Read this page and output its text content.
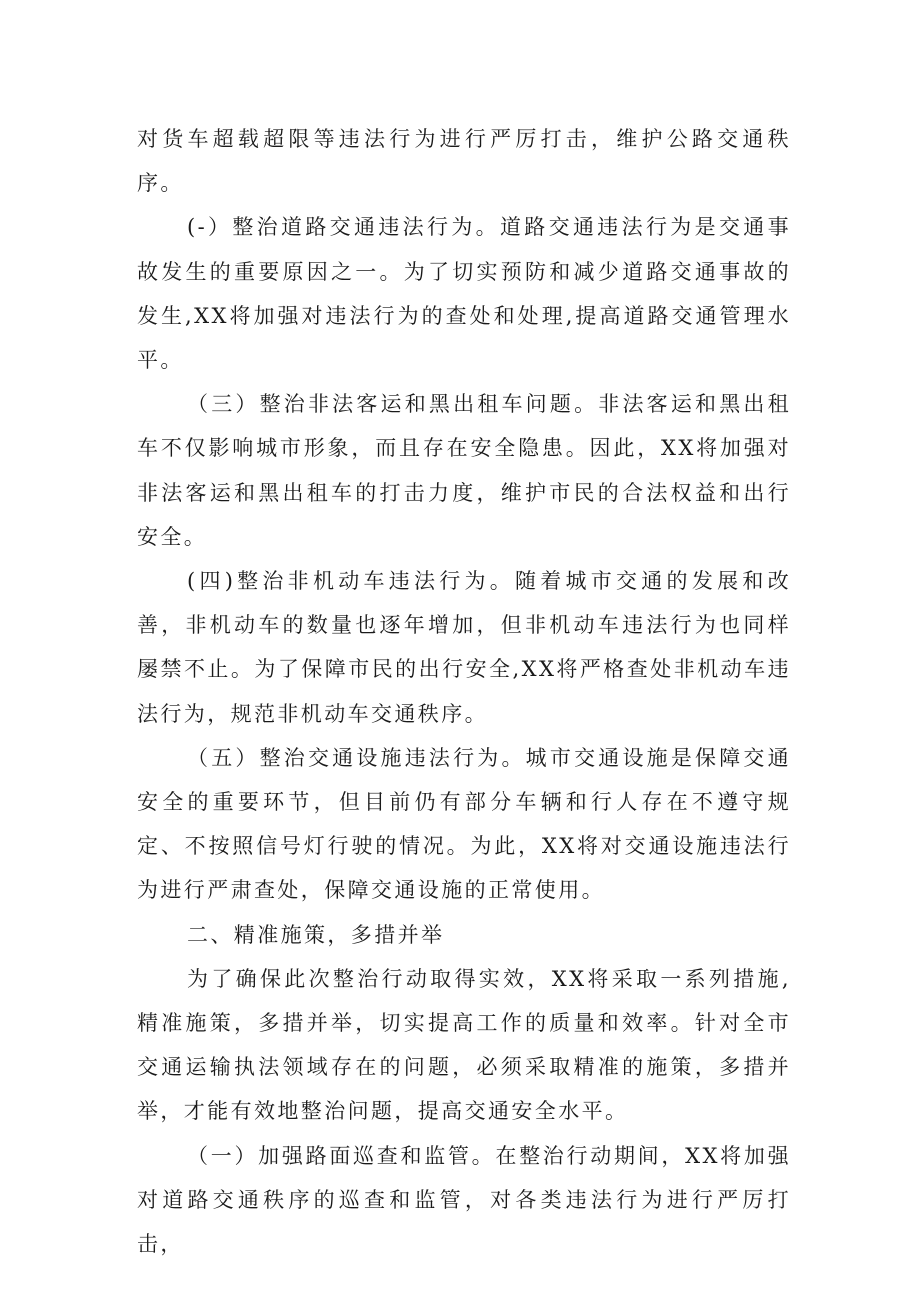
对货车超载超限等违法行为进行严厉打击，维护公路交通秩序。

(-）整治道路交通违法行为。道路交通违法行为是交通事故发生的重要原因之一。为了切实预防和减少道路交通事故的发生,XX将加强对违法行为的查处和处理,提高道路交通管理水平。

（三）整治非法客运和黑出租车问题。非法客运和黑出租车不仅影响城市形象，而且存在安全隐患。因此，XX将加强对非法客运和黑出租车的打击力度，维护市民的合法权益和出行安全。

(四)整治非机动车违法行为。随着城市交通的发展和改善，非机动车的数量也逐年增加，但非机动车违法行为也同样屡禁不止。为了保障市民的出行安全,XX将严格查处非机动车违法行为，规范非机动车交通秩序。

（五）整治交通设施违法行为。城市交通设施是保障交通安全的重要环节，但目前仍有部分车辆和行人存在不遵守规定、不按照信号灯行驶的情况。为此，XX将对交通设施违法行为进行严肃查处，保障交通设施的正常使用。

二、精准施策，多措并举

为了确保此次整治行动取得实效，XX将采取一系列措施,精准施策，多措并举，切实提高工作的质量和效率。针对全市交通运输执法领域存在的问题，必须采取精准的施策，多措并举，才能有效地整治问题，提高交通安全水平。

（一）加强路面巡查和监管。在整治行动期间，XX将加强对道路交通秩序的巡查和监管，对各类违法行为进行严厉打击，
